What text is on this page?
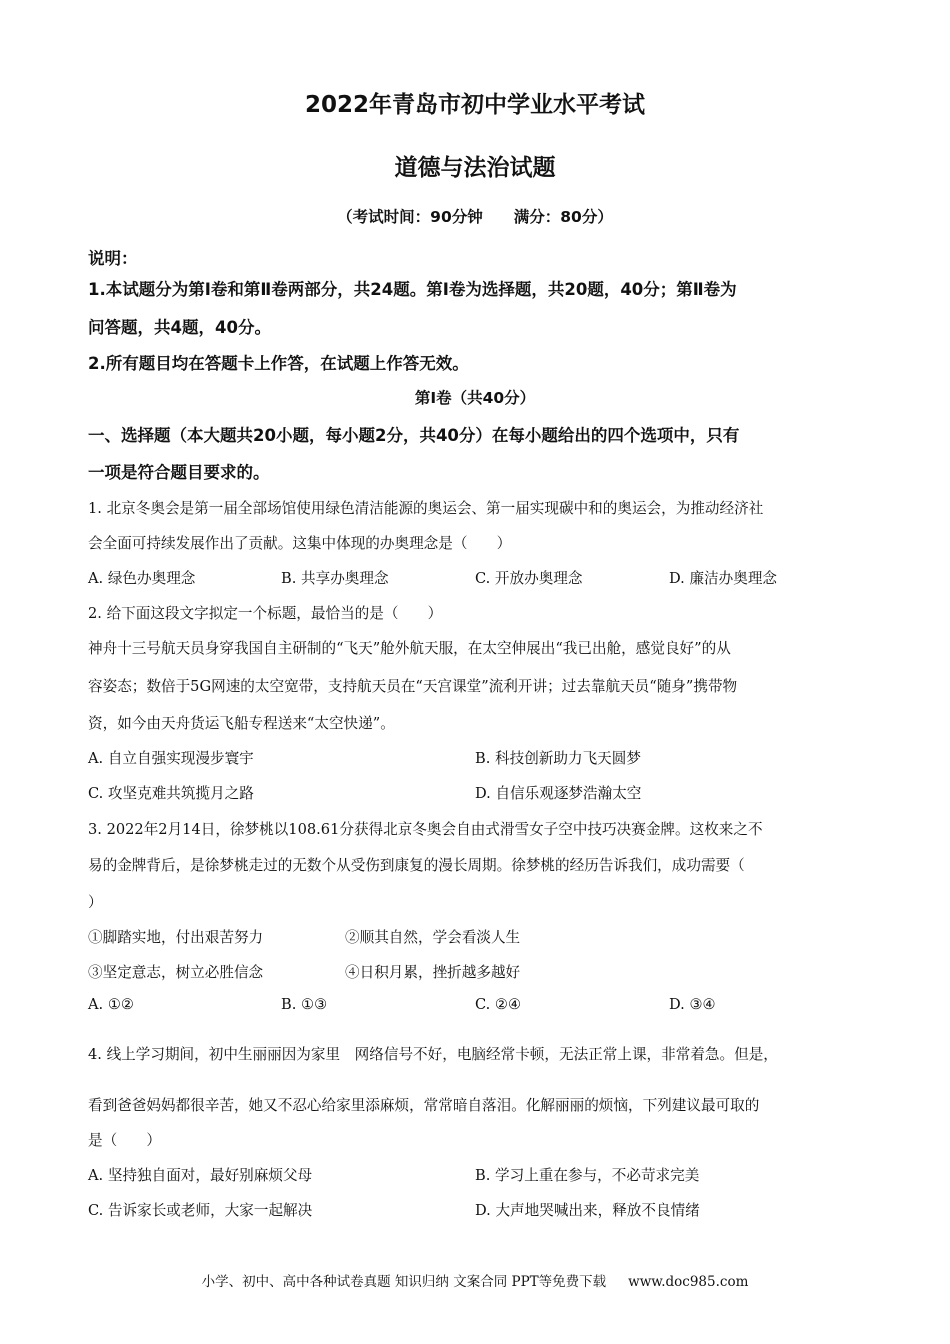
2022年青岛市初中学业水平考试
道德与法治试题
（考试时间：90分钟　　满分：80分）
说明：
1.本试题分为第Ⅰ卷和第Ⅱ卷两部分，共24题。第Ⅰ卷为选择题，共20题，40分；第Ⅱ卷为
问答题，共4题，40分。
2.所有题目均在答题卡上作答，在试题上作答无效。
第Ⅰ卷（共40分）
一、选择题（本大题共20小题，每小题2分，共40分）在每小题给出的四个选项中，只有
一项是符合题目要求的。
1. 北京冬奥会是第一届全部场馆使用绿色清洁能源的奥运会、第一届实现碳中和的奥运会，为推动经济社
会全面可持续发展作出了贡献。这集中体现的办奥理念是（　　）
A. 绿色办奥理念	B. 共享办奥理念	C. 开放办奥理念	D. 廉洁办奥理念
2. 给下面这段文字拟定一个标题，最恰当的是（　　）
神舟十三号航天员身穿我国自主研制的“飞天”舱外航天服，在太空伸展出“我已出舱，感觉良好”的从
容姿态；数倍于5G网速的太空宽带，支持航天员在“天宫课堂”流利开讲；过去靠航天员“随身”携带物
资，如今由天舟货运飞船专程送来“太空快递”。
A. 自立自强实现漫步寰宇	B. 科技创新助力飞天圆梦
C. 攻坚克难共筑揽月之路	D. 自信乐观逐梦浩瀚太空
3. 2022年2月14日，徐梦桃以108.61分获得北京冬奥会自由式滑雪女子空中技巧决赛金牌。这枚来之不
易的金牌背后，是徐梦桃走过的无数个从受伤到康复的漫长周期。徐梦桃的经历告诉我们，成功需要（
）
①脚踏实地，付出艰苦努力	②顺其自然，学会看淡人生
③坚定意志，树立必胜信念	④日积月累，挫折越多越好
A. ①②	B. ①③	C. ②④	D. ③④
4. 线上学习期间，初中生丽丽因为家里　网络信号不好，电脑经常卡顿，无法正常上课，非常着急。但是，
看到爸爸妈妈都很辛苦，她又不忍心给家里添麻烦，常常暗自落泪。化解丽丽的烦恼，下列建议最可取的
是（　　）
A. 坚持独自面对，最好别麻烦父母	B. 学习上重在参与，不必苛求完美
C. 告诉家长或老师，大家一起解决	D. 大声地哭喊出来，释放不良情绪
小学、初中、高中各种试卷真题 知识归纳 文案合同 PPT等免费下载 www.doc985.com
